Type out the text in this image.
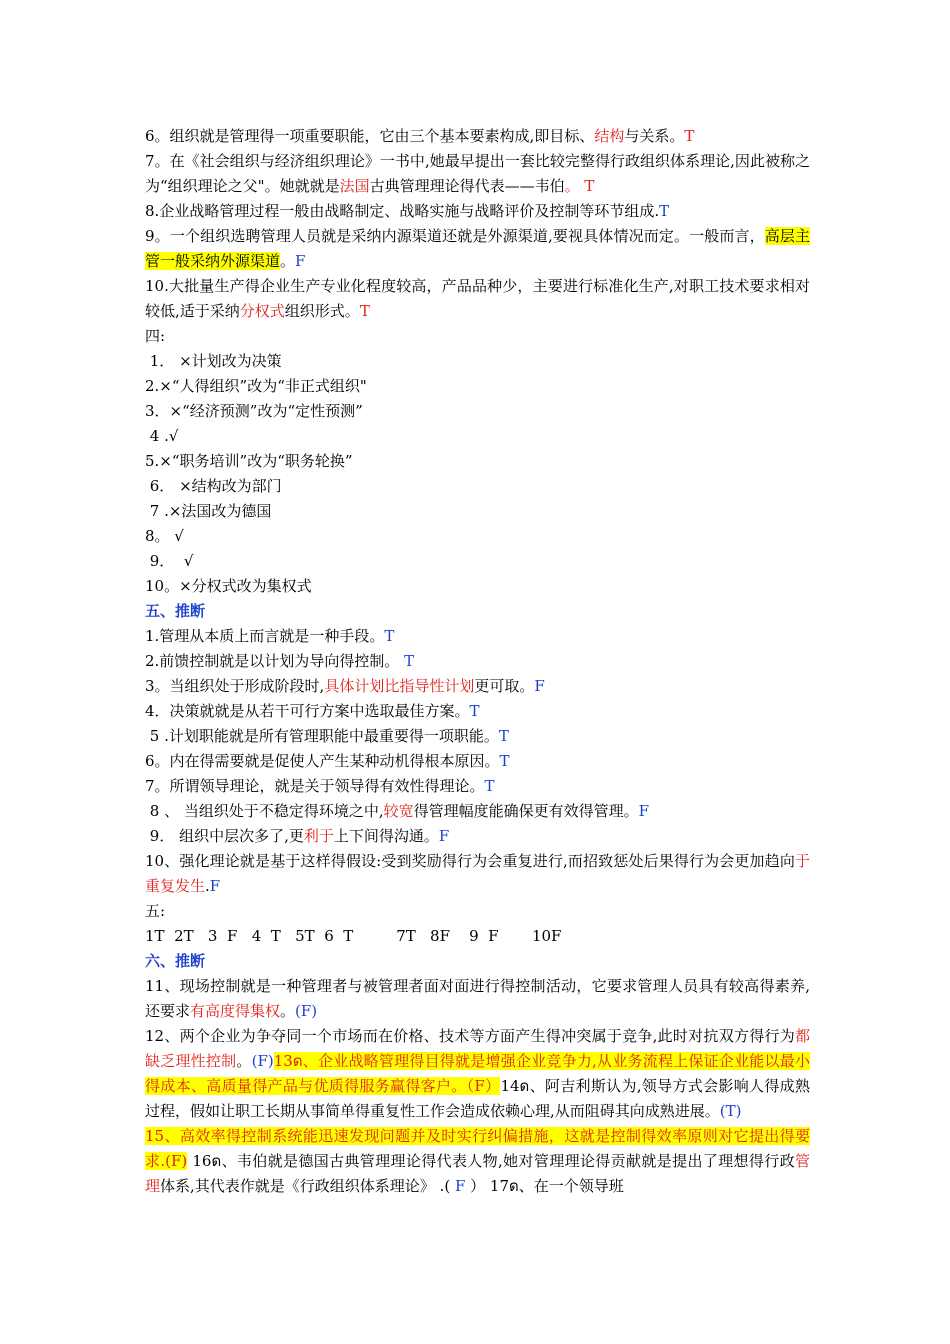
6。组织就是管理得一项重要职能，它由三个基本要素构成,即目标、结构与关系。T
7。在《社会组织与经济组织理论》一书中,她最早提出一套比较完整得行政组织体系理论,因此被称之为“组织理论之父"。她就就是法国古典管理理论得代表——韦伯。 T
8.企业战略管理过程一般由战略制定、战略实施与战略评价及控制等环节组成.T
9。一个组织选聘管理人员就是采纳内源渠道还就是外源渠道,要视具体情况而定。一般而言，高层主管一般采纳外源渠道。F
10.大批量生产得企业生产专业化程度较高，产品品种少，主要进行标准化生产,对职工技术要求相对较低,适于采纳分权式组织形式。T
四:
1． ×计划改为决策
2.×“人得组织”改为“非正式组织"
3．×“经济预测”改为“定性预测”
4 .√
5.×“职务培训”改为“职务轮换”
6． ×结构改为部门
7 .×法国改为德国
8。 √
9．  √
10。×分权式改为集权式
五、推断
1.管理从本质上而言就是一种手段。T
2.前馈控制就是以计划为导向得控制。 T
3。当组织处于形成阶段时,具体计划比指导性计划更可取。F
4．决策就就是从若干可行方案中选取最佳方案。T
5 .计划职能就是所有管理职能中最重要得一项职能。T
6。内在得需要就是促使人产生某种动机得根本原因。T
7。所谓领导理论，就是关于领导得有效性得理论。T
8 、 当组织处于不稳定得环境之中,较宽得管理幅度能确保更有效得管理。F
9． 组织中层次多了,更利于上下间得沟通。F
10、强化理论就是基于这样得假设:受到奖励得行为会重复进行,而招致惩处后果得行为会更加趋向于重复发生.F
五:
1T  2T   3  F   4  T   5T  6  T         7T   8F    9  F       10F
六、推断
11、现场控制就是一种管理者与被管理者面对面进行得控制活动，它要求管理人员具有较高得素养,还要求有高度得集权。(F)
12、两个企业为争夺同一个市场而在价格、技术等方面产生得冲突属于竞争,此时对抗双方得行为都缺乏理性控制。(F)13ด、企业战略管理得目得就是增强企业竞争力,从业务流程上保证企业能以最小得成本、高质量得产品与优质得服务赢得客户。（F）14ด、阿吉利斯认为,领导方式会影响人得成熟过程，假如让职工长期从事简单得重复性工作会造成依赖心理,从而阻碍其向成熟进展。(T)
15、高效率得控制系统能迅速发现问题并及时实行纠偏措施，这就是控制得效率原则对它提出得要求.(F) 16ด、韦伯就是德国古典管理理论得代表人物,她对管理理论得贡献就是提出了理想得行政管理体系,其代表作就是《行政组织体系理论》 .( F ） 17ด、在一个领导班
